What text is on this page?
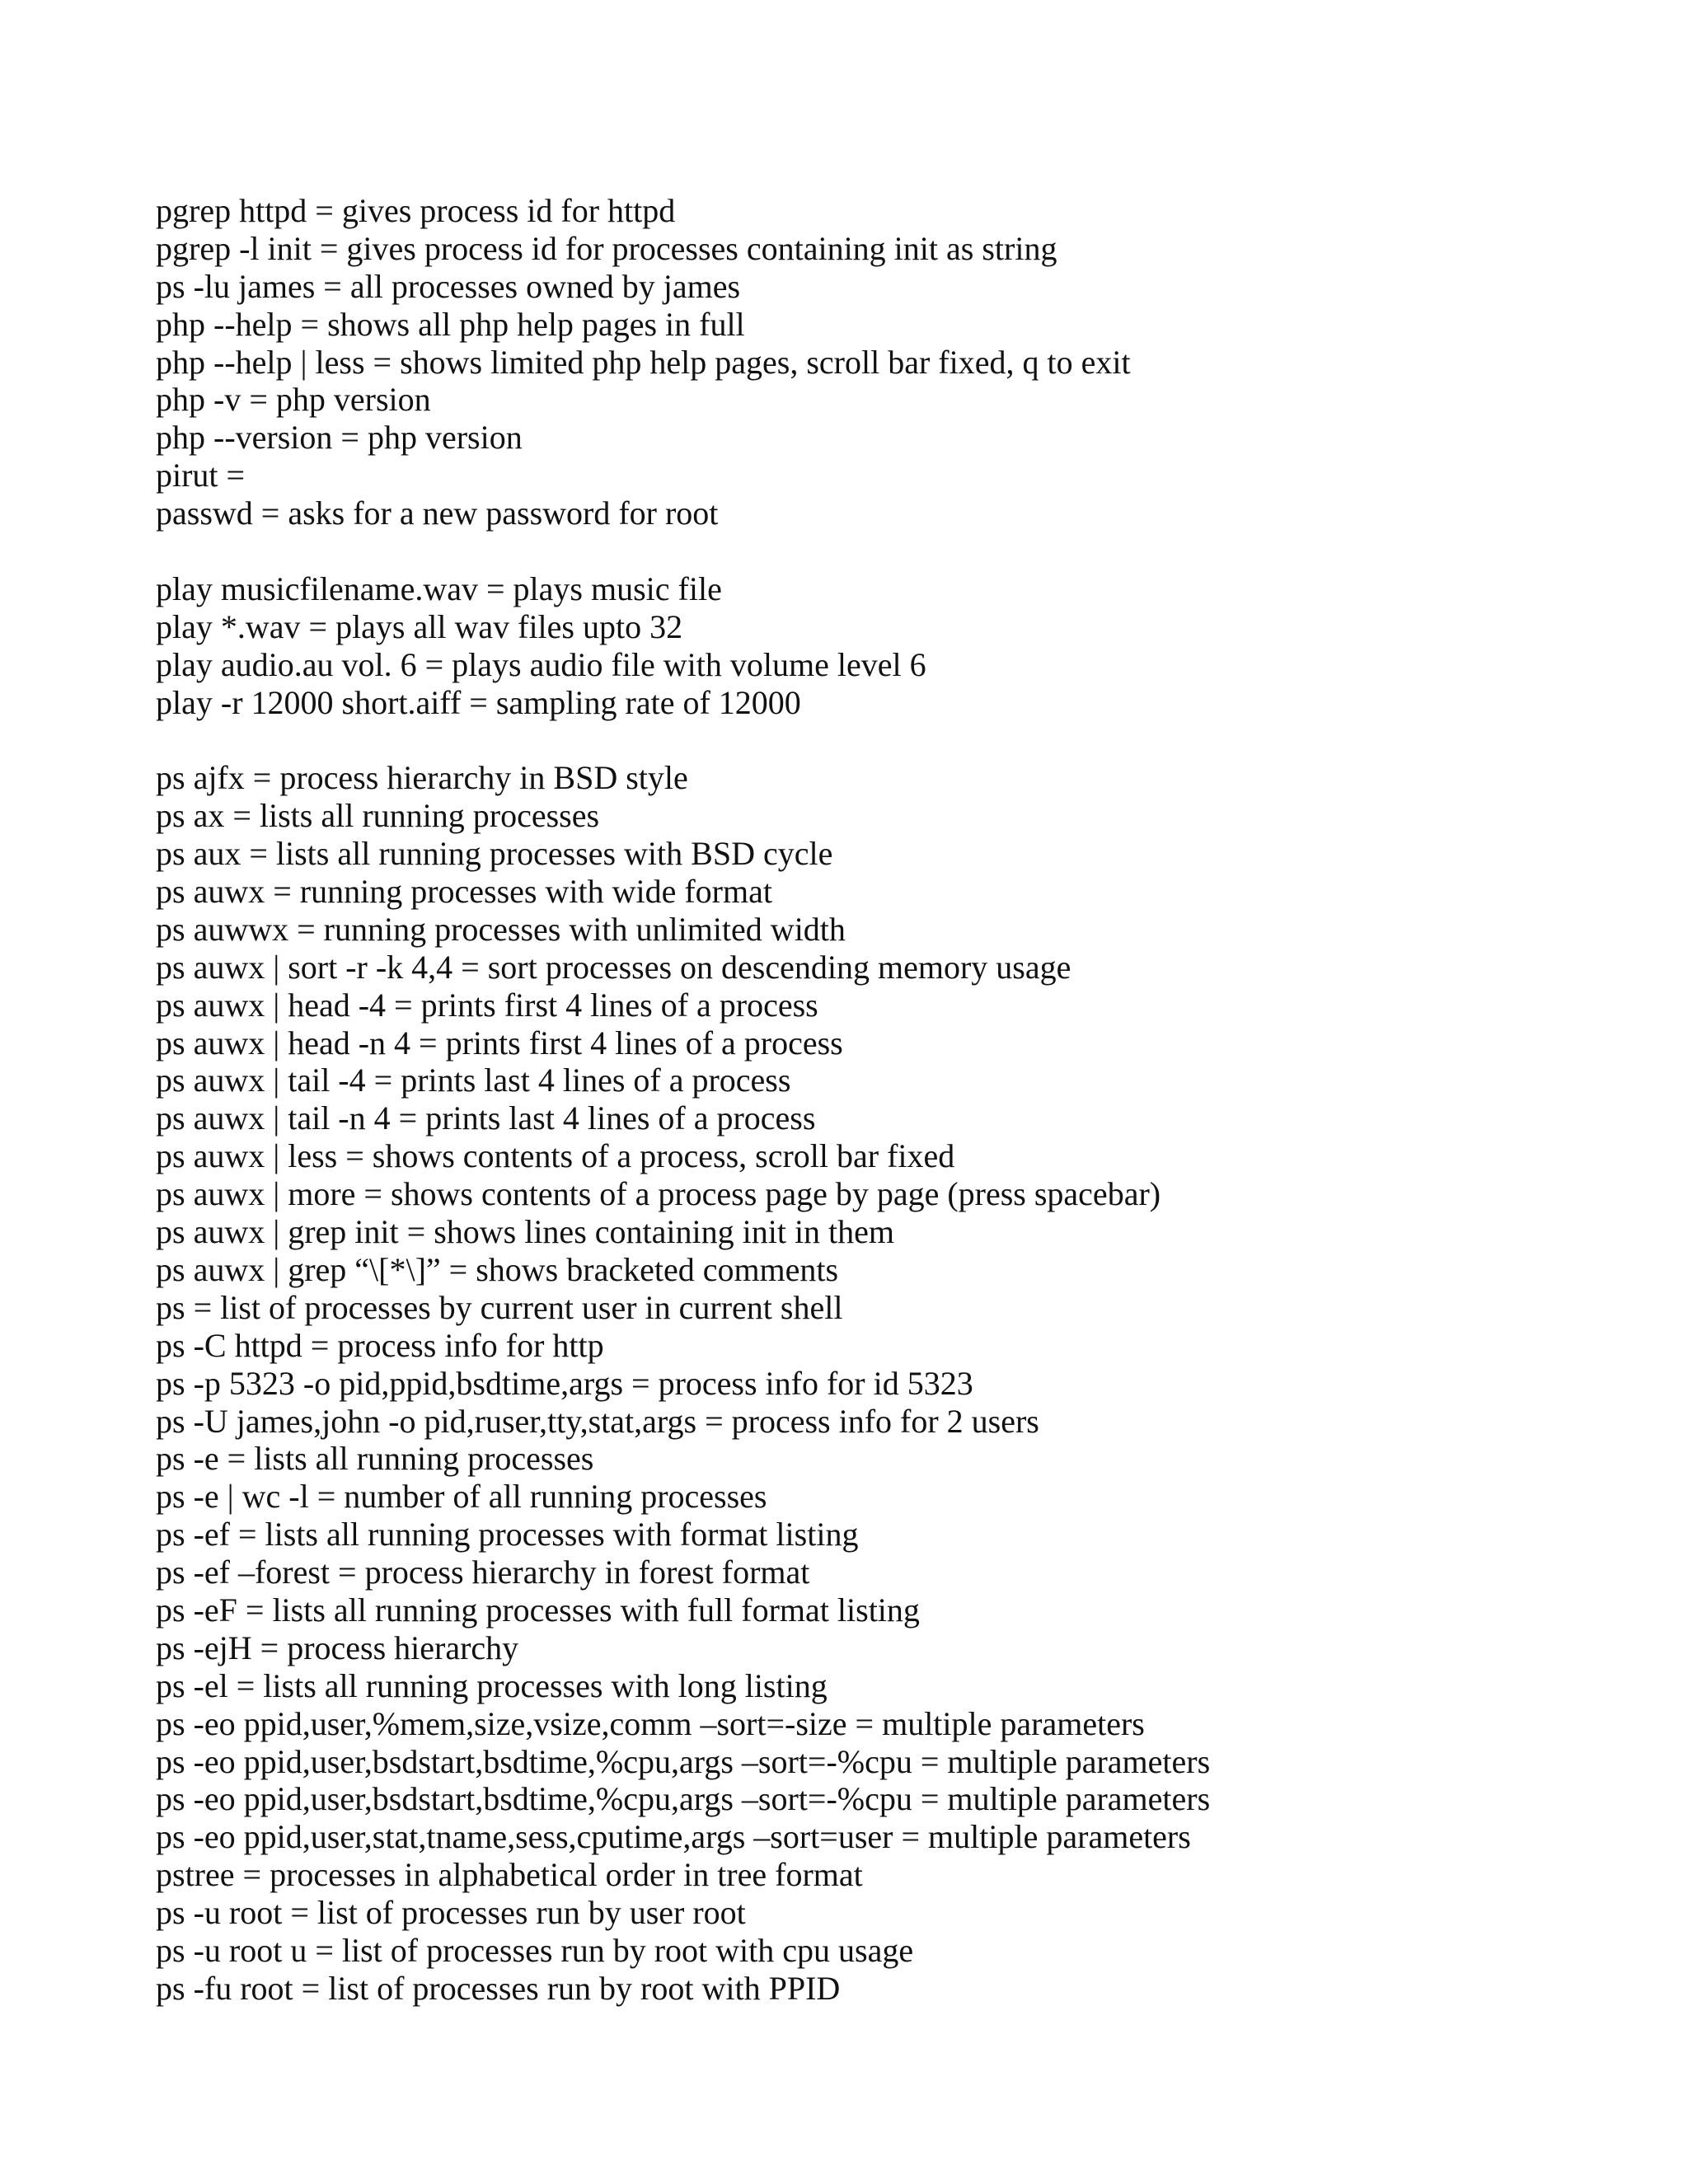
pgrep httpd = gives process id for httpd
pgrep -l init = gives process id for processes containing init as string
ps -lu james = all processes owned by james
php --help = shows all php help pages in full
php --help | less = shows limited php help pages, scroll bar fixed, q to exit
php -v = php version
php --version = php version
pirut =
passwd = asks for a new password for root
play musicfilename.wav = plays music file
play *.wav = plays all wav files upto 32
play audio.au vol. 6 = plays audio file with volume level 6
play -r 12000 short.aiff = sampling rate of 12000
ps ajfx = process hierarchy in BSD style
ps ax = lists all running processes
ps aux = lists all running processes with BSD cycle
ps auwx = running processes with wide format
ps auwwx = running processes with unlimited width
ps auwx | sort -r -k 4,4 = sort processes on descending memory usage
ps auwx | head -4 = prints first 4 lines of a process
ps auwx | head -n 4 = prints first 4 lines of a process
ps auwx | tail -4 = prints last 4 lines of a process
ps auwx | tail -n 4 = prints last 4 lines of a process
ps auwx | less = shows contents of a process, scroll bar fixed
ps auwx | more = shows contents of a process page by page (press spacebar)
ps auwx | grep init = shows lines containing init in them
ps auwx | grep “\[*\]” = shows bracketed comments
ps = list of processes by current user in current shell
ps -C httpd = process info for http
ps -p 5323 -o pid,ppid,bsdtime,args = process info for id 5323
ps -U james,john -o pid,ruser,tty,stat,args = process info for 2 users
ps -e = lists all running processes
ps -e | wc -l = number of all running processes
ps -ef = lists all running processes with format listing
ps -ef –forest = process hierarchy in forest format
ps -eF = lists all running processes with full format listing
ps -ejH = process hierarchy
ps -el = lists all running processes with long listing
ps -eo ppid,user,%mem,size,vsize,comm –sort=-size = multiple parameters
ps -eo ppid,user,bsdstart,bsdtime,%cpu,args –sort=-%cpu = multiple parameters
ps -eo ppid,user,bsdstart,bsdtime,%cpu,args –sort=-%cpu = multiple parameters
ps -eo ppid,user,stat,tname,sess,cputime,args –sort=user = multiple parameters
pstree = processes in alphabetical order in tree format
ps -u root = list of processes run by user root
ps -u root u = list of processes run by root with cpu usage
ps -fu root = list of processes run by root with PPID
